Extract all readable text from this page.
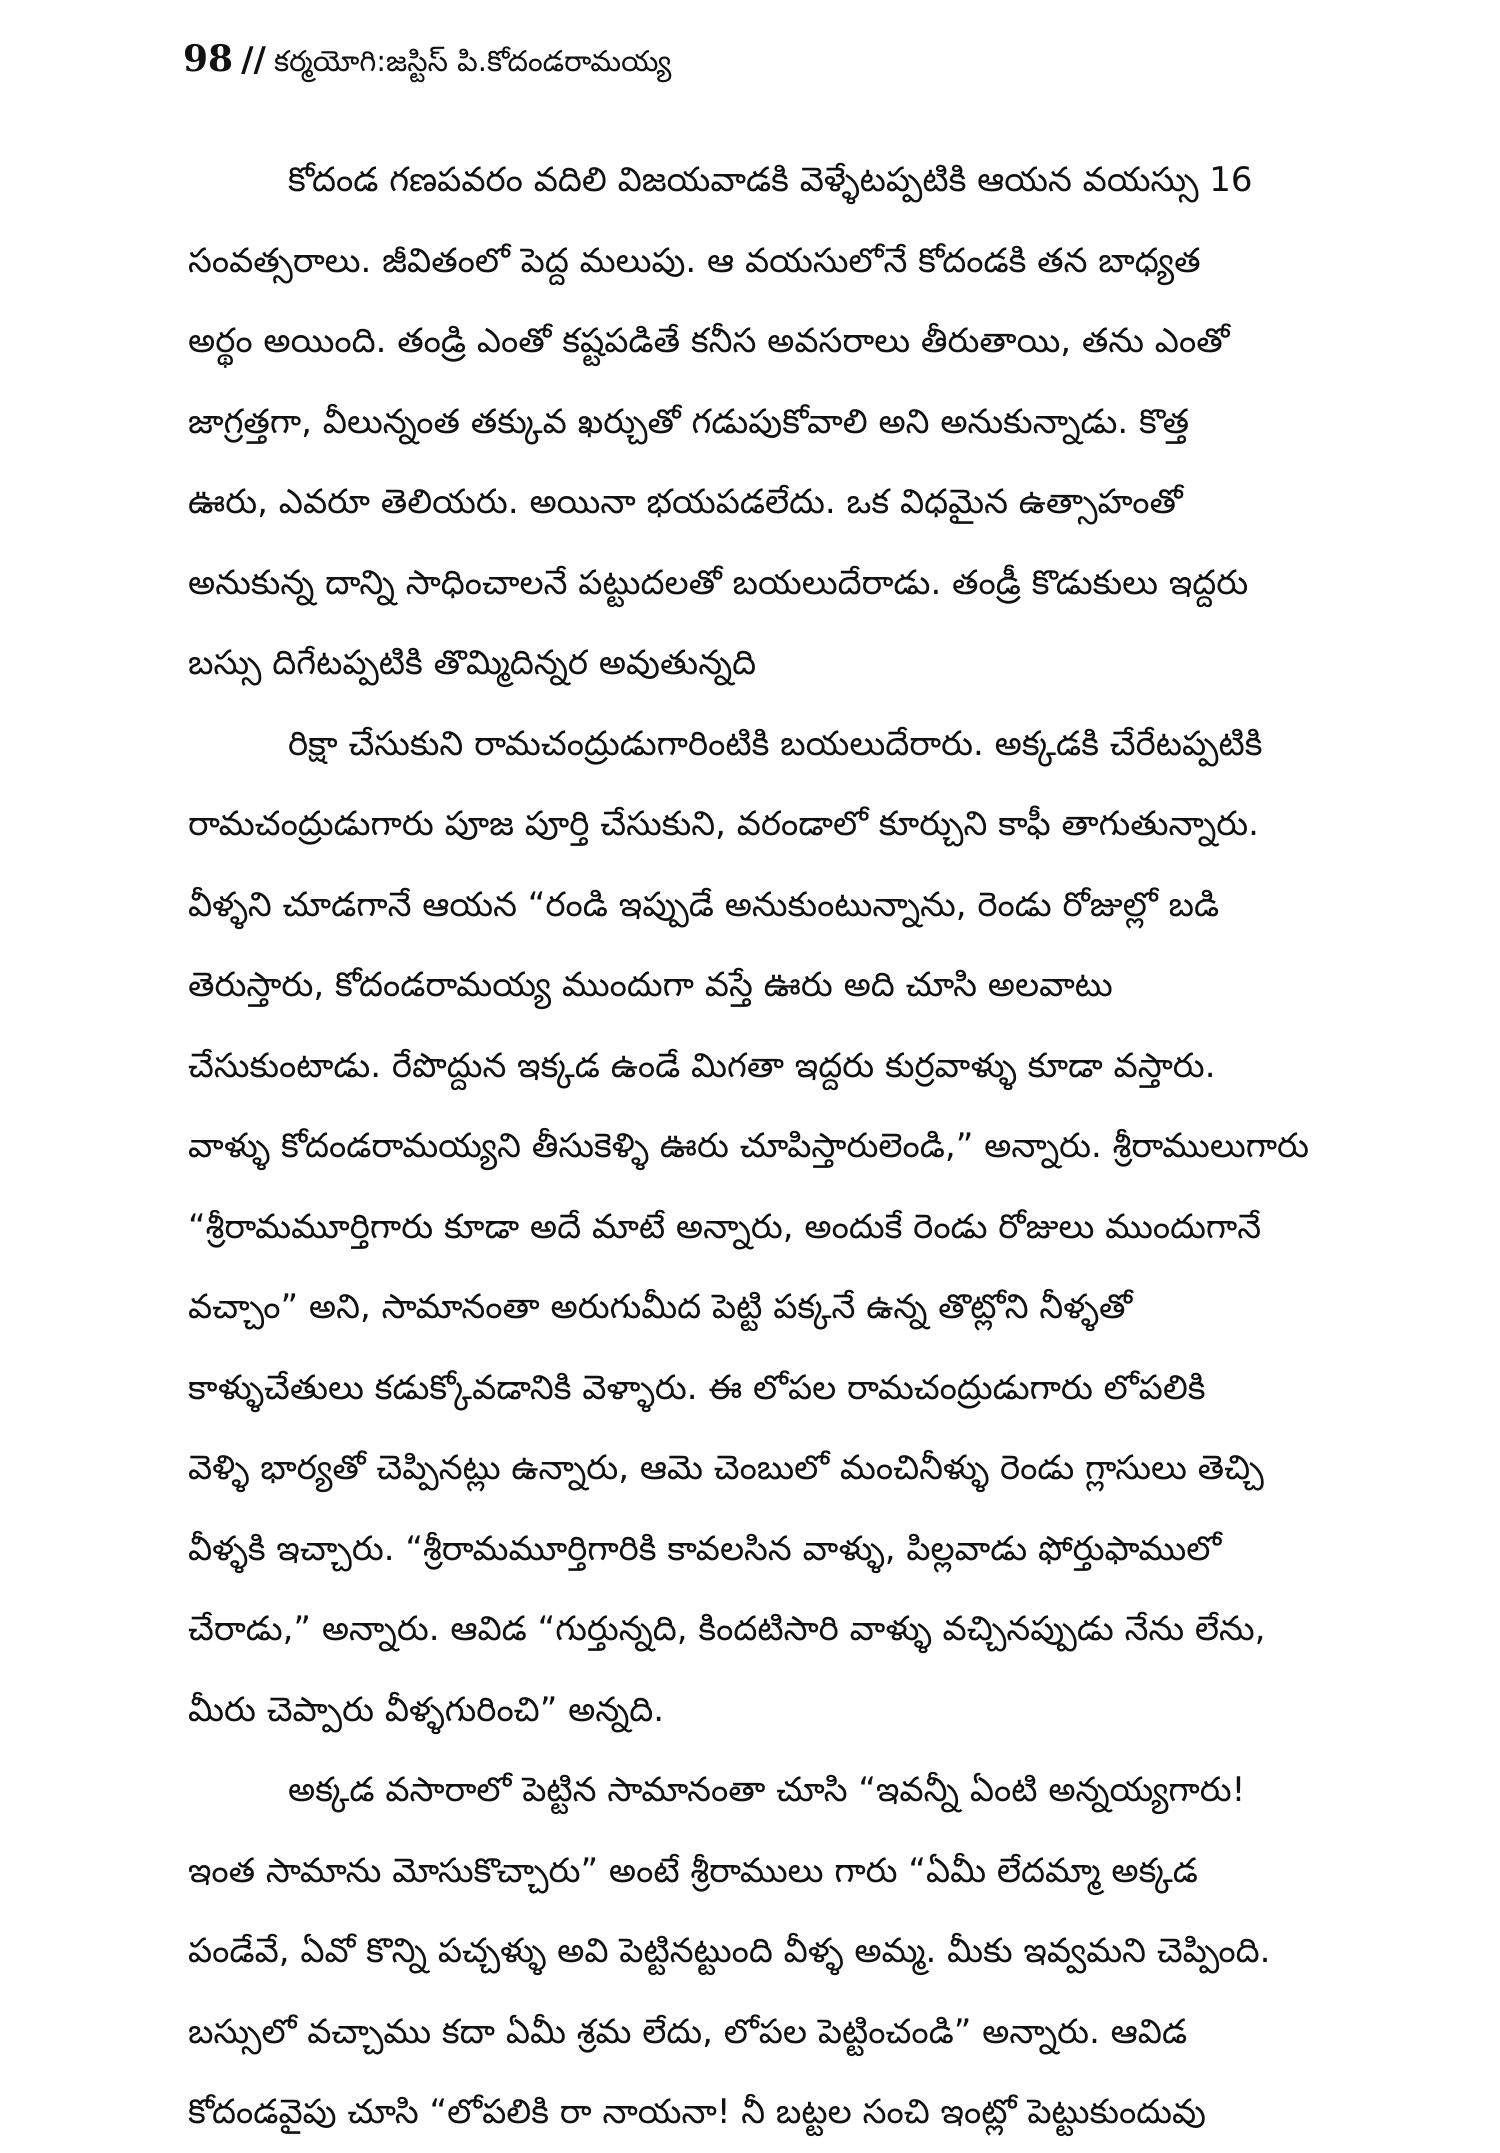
98 // కర్మయోగి:జస్టిస్ పి.కోదండరామయ్య
కోదండ గణపవరం వదిలి విజయవాడకి వెళ్ళేటప్పటికి ఆయన వయస్సు 16
సంవత్సరాలు. జీవితంలో పెద్ద మలుపు. ఆ వయసులోనే కోదండకి తన బాధ్యత
అర్థం అయింది. తండ్రి ఎంతో కష్టపడితే కనీస అవసరాలు తీరుతాయి, తను ఎంతో
జాగ్రత్తగా, వీలున్నంత తక్కువ ఖర్చుతో గడుపుకోవాలి అని అనుకున్నాడు. కొత్త
ఊరు, ఎవరూ తెలియరు. అయినా భయపడలేదు. ఒక విధమైన ఉత్సాహంతో
అనుకున్న దాన్ని సాధించాలనే పట్టుదలతో బయలుదేరాడు. తండ్రీ కొడుకులు ఇద్దరు
బస్సు దిగేటప్పటికి తొమ్మిదిన్నర అవుతున్నది
రిక్షా చేసుకుని రామచంద్రుడుగారింటికి బయలుదేరారు. అక్కడకి చేరేటప్పటికి
రామచంద్రుడుగారు పూజ పూర్తి చేసుకుని, వరండాలో కూర్చుని కాఫీ తాగుతున్నారు.
వీళ్ళని చూడగానే ఆయన “రండి ఇప్పుడే అనుకుంటున్నాను, రెండు రోజుల్లో బడి
తెరుస్తారు, కోదండరామయ్య ముందుగా వస్తే ఊరు అది చూసి అలవాటు
చేసుకుంటాడు. రేపొద్దున ఇక్కడ ఉండే మిగతా ఇద్దరు కుర్రవాళ్ళు కూడా వస్తారు.
వాళ్ళు కోదండరామయ్యని తీసుకెళ్ళి ఊరు చూపిస్తారులెండి,” అన్నారు. శ్రీరాములుగారు
“శ్రీరామమూర్తిగారు కూడా అదే మాటే అన్నారు, అందుకే రెండు రోజులు ముందుగానే
వచ్చాం” అని, సామానంతా అరుగుమీద పెట్టి పక్కనే ఉన్న తొట్లోని నీళ్ళతో
కాళ్ళుచేతులు కడుక్కోవడానికి వెళ్ళారు. ఈ లోపల రామచంద్రుడుగారు లోపలికి
వెళ్ళి భార్యతో చెప్పినట్లు ఉన్నారు, ఆమె చెంబులో మంచినీళ్ళు రెండు గ్లాసులు తెచ్చి
వీళ్ళకి ఇచ్చారు. “శ్రీరామమూర్తిగారికి కావలసిన వాళ్ళు, పిల్లవాడు ఫోర్తుఫాములో
చేరాడు,” అన్నారు. ఆవిడ “గుర్తున్నది, కిందటిసారి వాళ్ళు వచ్చినప్పుడు నేను లేను,
మీరు చెప్పారు వీళ్ళగురించి” అన్నది.
అక్కడ వసారాలో పెట్టిన సామానంతా చూసి “ఇవన్నీ ఏంటి అన్నయ్యగారు!
ఇంత సామాను మోసుకొచ్చారు” అంటే శ్రీరాములు గారు “ఏమీ లేదమ్మా అక్కడ
పండేవే, ఏవో కొన్ని పచ్చళ్ళు అవి పెట్టినట్టుంది వీళ్ళ అమ్మ. మీకు ఇవ్వమని చెప్పింది.
బస్సులో వచ్చాము కదా ఏమీ శ్రమ లేదు, లోపల పెట్టించండి” అన్నారు. ఆవిడ
కోదండవైపు చూసి “లోపలికి రా నాయనా! నీ బట్టల సంచి ఇంట్లో పెట్టుకుందువు
